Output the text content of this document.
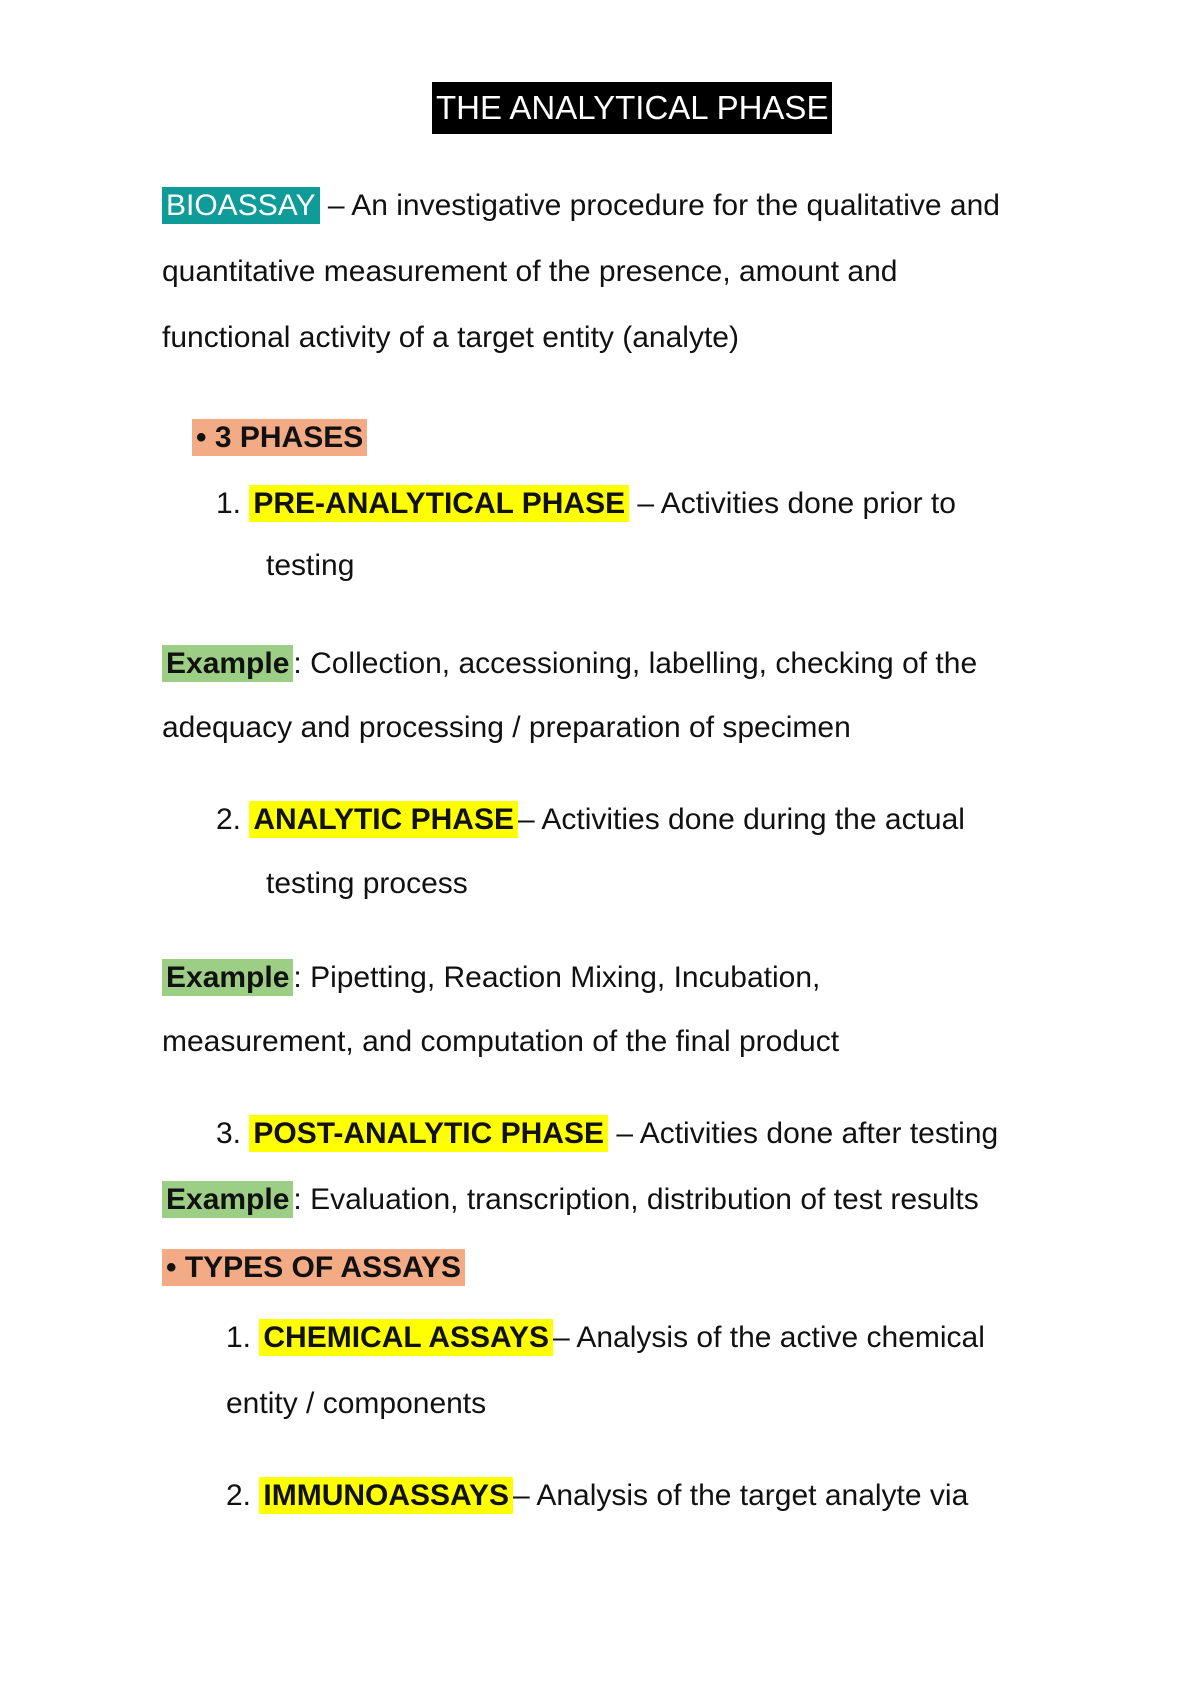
THE ANALYTICAL PHASE
BIOASSAY – An investigative procedure for the qualitative and
quantitative measurement of the presence, amount and
functional activity of a target entity (analyte)
• 3 PHASES
1. PRE-ANALYTICAL PHASE – Activities done prior to
testing
Example : Collection, accessioning, labelling, checking of the
adequacy and processing / preparation of specimen
2. ANALYTIC PHASE – Activities done during the actual
testing process
Example : Pipetting, Reaction Mixing, Incubation,
measurement, and computation of the final product
3. POST-ANALYTIC PHASE – Activities done after testing
Example : Evaluation, transcription, distribution of test results
• TYPES OF ASSAYS
1. CHEMICAL ASSAYS – Analysis of the active chemical
entity / components
2. IMMUNOASSAYS – Analysis of the target analyte via
